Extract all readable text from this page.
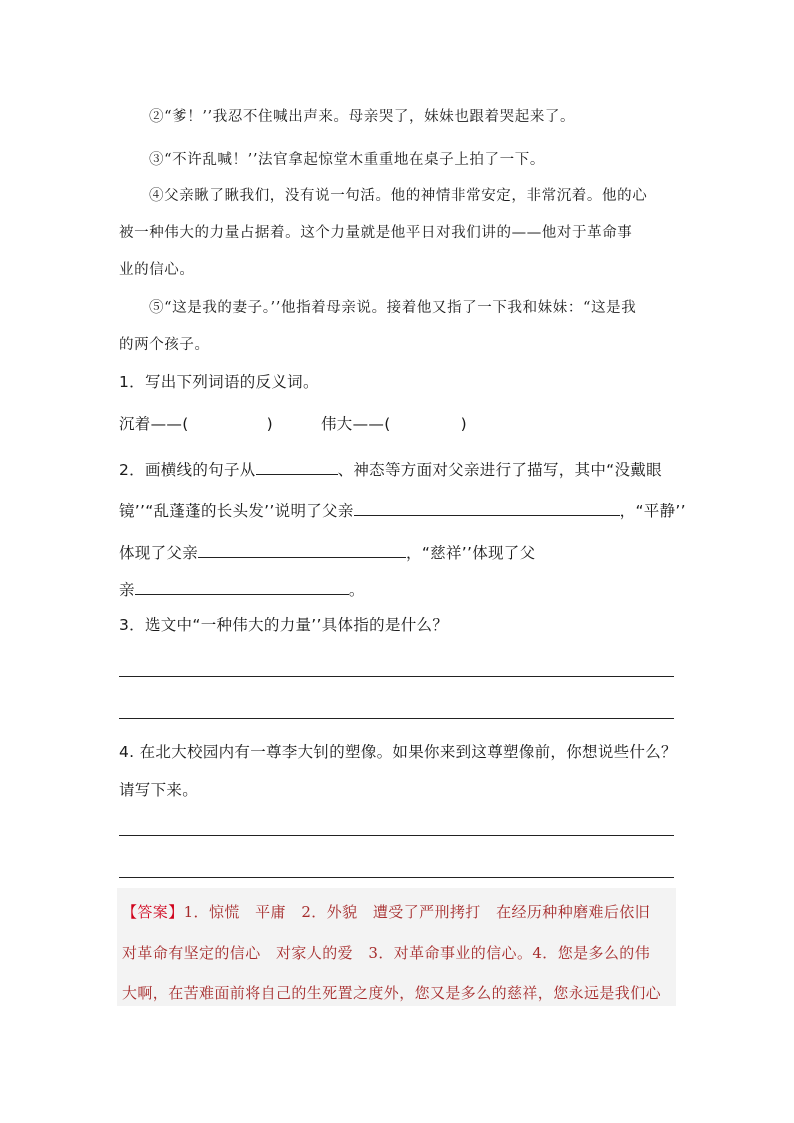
②“爹！’’我忍不住喊出声来。母亲哭了，妹妹也跟着哭起来了。
③“不许乱喊！’’法官拿起惊堂木重重地在桌子上拍了一下。
④父亲瞅了瞅我们，没有说一句活。他的神情非常安定，非常沉着。他的心
被一种伟大的力量占据着。这个力量就是他平日对我们讲的——他对于革命事
业的信心。
⑤“这是我的妻子。’’他指着母亲说。接着他又指了一下我和妹妹：“这是我
的两个孩子。
1．写出下列词语的反义词。
沉着——(	)	伟大——(	)
2．画横线的句子从	、神态等方面对父亲进行了描写，其中“没戴眼
镜’’“乱蓬蓬的长头发’’说明了父亲	，“平静’’
体现了父亲	，“慈祥’’体现了父
亲	。
3．选文中“一种伟大的力量’’具体指的是什么？
4. 在北大校园内有一尊李大钊的塑像。如果你来到这尊塑像前，你想说些什么？
请写下来。
【答案】1．惊慌　平庸　2．外貌　遭受了严刑拷打　在经历种种磨难后依旧
对革命有坚定的信心　对家人的爱　3．对革命事业的信心。4．您是多么的伟
大啊，在苦难面前将自己的生死置之度外，您又是多么的慈祥，您永远是我们心
